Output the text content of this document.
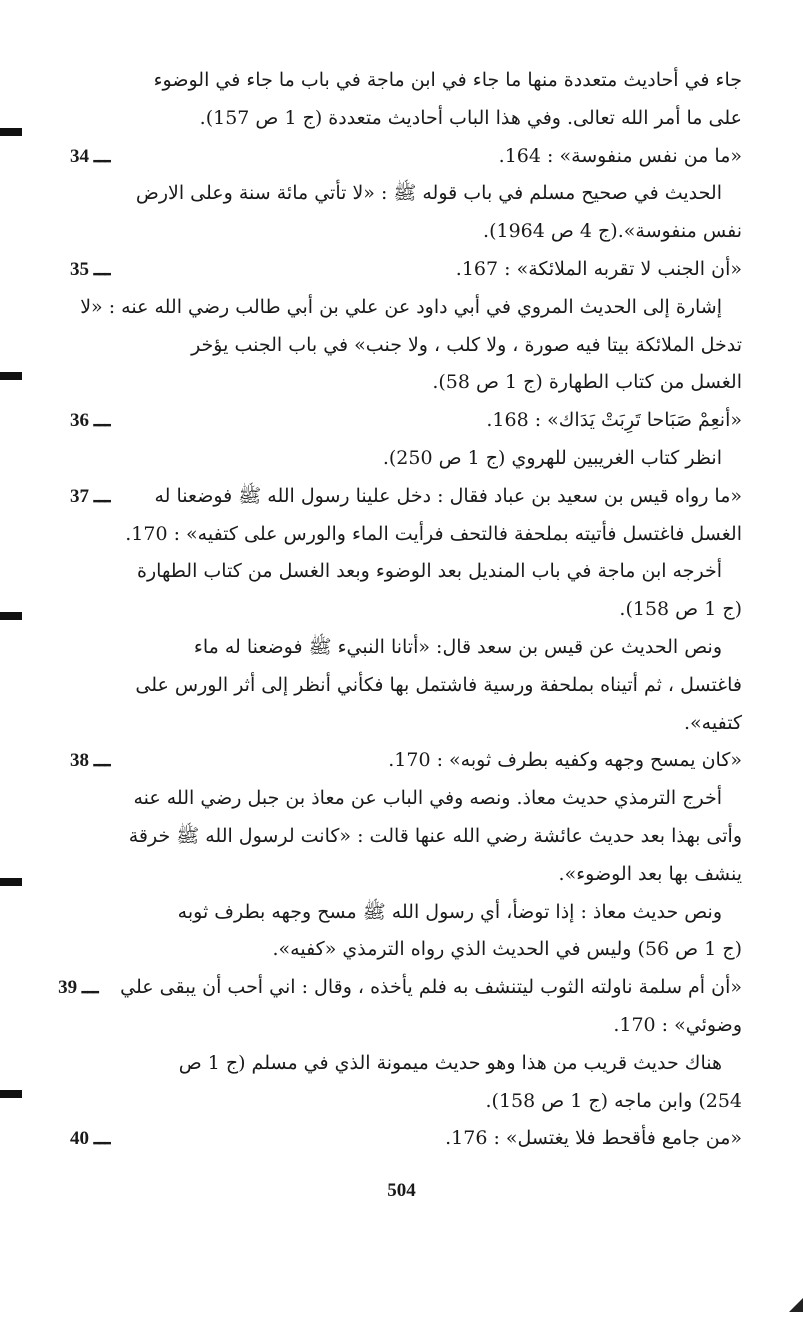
جاء في أحاديث متعددة منها ما جاء في ابن ماجة في باب ما جاء في الوضوء
على ما أمر الله تعالى. وفي هذا الباب أحاديث متعددة (ج 1 ص 157).
«ما من نفس منفوسة» : 164.
34 ـــ
الحديث في صحيح مسلم في باب قوله ﷺ : «لا تأتي مائة سنة وعلى الارض
نفس منفوسة».(ج 4 ص 1964).
«أن الجنب لا تقربه الملائكة» : 167.
35 ـــ
إشارة إلى الحديث المروي في أبي داود عن علي بن أبي طالب رضي الله عنه : «لا
تدخل الملائكة بيتا فيه صورة ، ولا كلب ، ولا جنب» في باب الجنب يؤخر
الغسل من كتاب الطهارة (ج 1 ص 58).
«أنعِمْ صَبَاحا تَرِبَتْ يَدَاك» : 168.
36 ـــ
انظر كتاب الغريبين للهروي (ج 1 ص 250).
«ما رواه قيس بن سعيد بن عباد فقال : دخل علينا رسول الله ﷺ فوضعنا له
37 ـــ
الغسل فاغتسل فأتيته بملحفة فالتحف فرأيت الماء والورس على كتفيه» : 170.
أخرجه ابن ماجة في باب المنديل بعد الوضوء وبعد الغسل من كتاب الطهارة
(ج 1 ص 158).
ونص الحديث عن قيس بن سعد قال: «أتانا النبيء ﷺ فوضعنا له ماء
فاغتسل ، ثم أتيناه بملحفة ورسية فاشتمل بها فكأني أنظر إلى أثر الورس على
كتفيه».
«كان يمسح وجهه وكفيه بطرف ثوبه» : 170.
38 ـــ
أخرج الترمذي حديث معاذ. ونصه وفي الباب عن معاذ بن جبل رضي الله عنه
وأتى بهذا بعد حديث عائشة رضي الله عنها قالت : «كانت لرسول الله ﷺ خرقة
ينشف بها بعد الوضوء».
ونص حديث معاذ : إذا توضأ، أي رسول الله ﷺ مسح وجهه بطرف ثوبه
(ج 1 ص 56) وليس في الحديث الذي رواه الترمذي «كفيه».
«أن أم سلمة ناولته الثوب ليتنشف به فلم يأخذه ، وقال : اني أحب أن يبقى علي
39 ـــ
وضوئي» : 170.
هناك حديث قريب من هذا وهو حديث ميمونة الذي في مسلم (ج 1 ص
254) وابن ماجه (ج 1 ص 158).
«من جامع فأقحط فلا يغتسل» : 176.
40 ـــ
504
